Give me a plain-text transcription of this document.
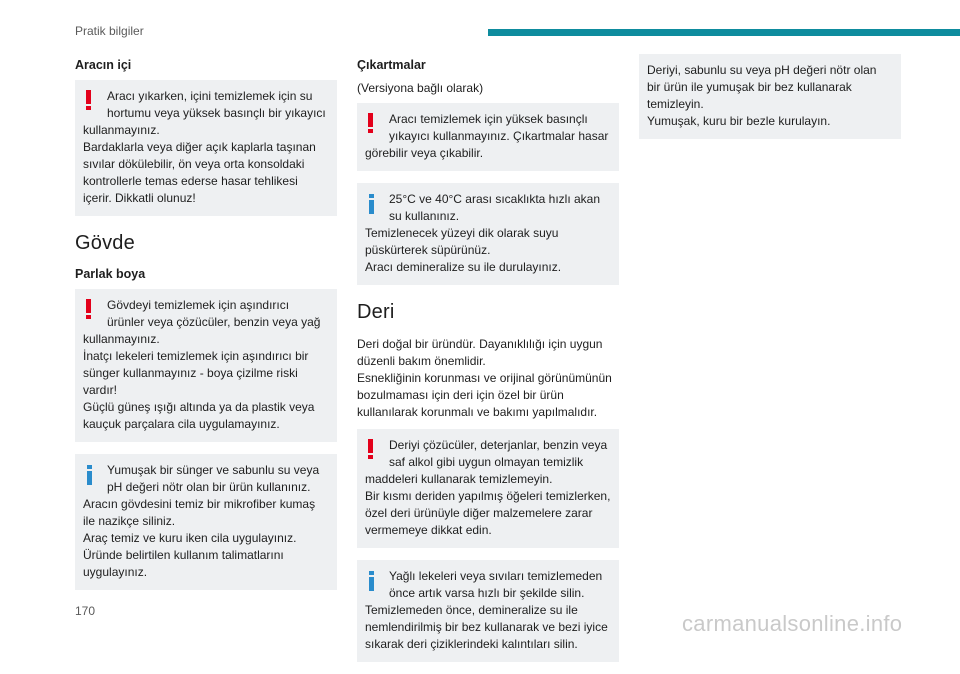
Pratik bilgiler
Aracın içi
Aracı yıkarken, içini temizlemek için su hortumu veya yüksek basınçlı bir yıkayıcı
kullanmayınız.
Bardaklarla veya diğer açık kaplarla taşınan sıvılar dökülebilir, ön veya orta konsoldaki kontrollerle temas ederse hasar tehlikesi içerir. Dikkatli olunuz!
Gövde
Parlak boya
Gövdeyi temizlemek için aşındırıcı ürünler veya çözücüler, benzin veya yağ
kullanmayınız.
İnatçı lekeleri temizlemek için aşındırıcı bir sünger kullanmayınız - boya çizilme riski vardır!
Güçlü güneş ışığı altında ya da plastik veya kauçuk parçalara cila uygulamayınız.
Yumuşak bir sünger ve sabunlu su veya pH değeri nötr olan bir ürün kullanınız.
Aracın gövdesini temiz bir mikrofiber kumaş ile nazikçe siliniz.
Araç temiz ve kuru iken cila uygulayınız.
Üründe belirtilen kullanım talimatlarını uygulayınız.
Çıkartmalar

(Versiyona bağlı olarak)

Aracı temizlemek için yüksek basınçlı yıkayıcı kullanmayınız. Çıkartmalar hasar
görebilir veya çıkabilir.
25°C ve 40°C arası sıcaklıkta hızlı akan su kullanınız.
Temizlenecek yüzeyi dik olarak suyu püskürterek süpürünüz.
Aracı demineralize su ile durulayınız.
Deri

Deri doğal bir üründür. Dayanıklılığı için uygun düzenli bakım önemlidir.

Esnekliğinin korunması ve orijinal görünümünün bozulmaması için deri için özel bir ürün kullanılarak korunmalı ve bakımı yapılmalıdır.

Deriyi çözücüler, deterjanlar, benzin veya saf alkol gibi uygun olmayan temizlik
maddeleri kullanarak temizlemeyin.
Bir kısmı deriden yapılmış öğeleri temizlerken, özel deri ürünüyle diğer malzemelere zarar vermemeye dikkat edin.
Yağlı lekeleri veya sıvıları temizlemeden önce artık varsa hızlı bir şekilde silin.
Temizlemeden önce, demineralize su ile nemlendirilmiş bir bez kullanarak ve bezi iyice sıkarak deri çiziklerindeki kalıntıları silin.
Deriyi, sabunlu su veya pH değeri nötr olan bir ürün ile yumuşak bir bez kullanarak temizleyin.
Yumuşak, kuru bir bezle kurulayın.
170	carmanualsonline.info
